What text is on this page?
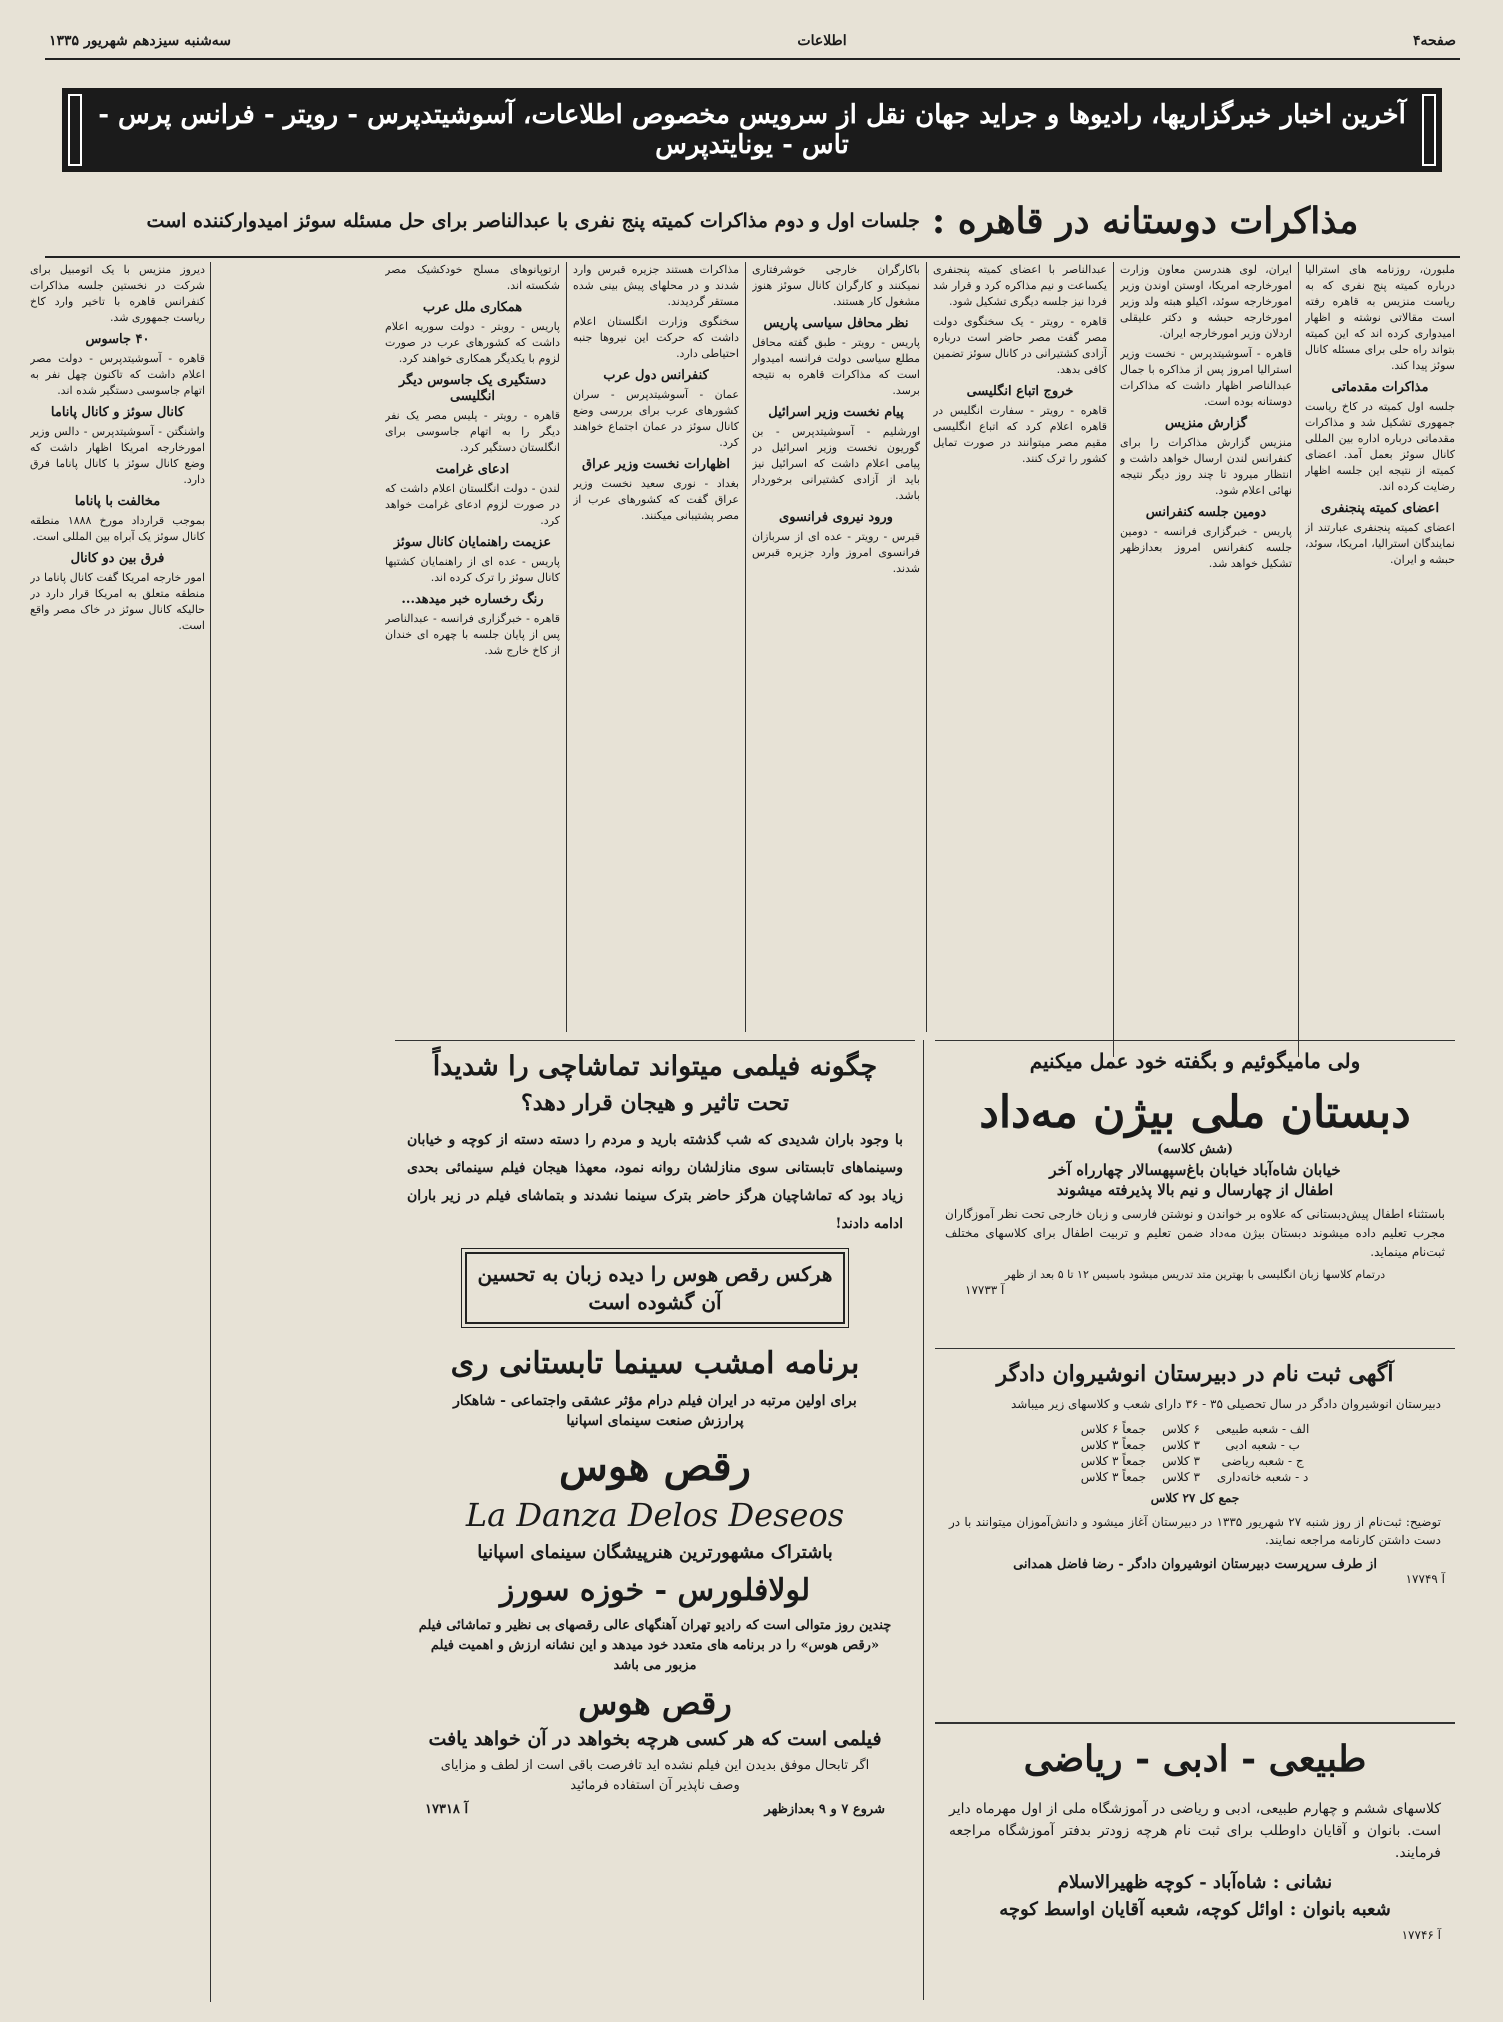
صفحه۴
اطلاعات
سه‌شنبه سیزدهم شهریور ۱۳۳۵
آخرین اخبار خبرگزاریها، رادیوها و جراید جهان نقل از سرویس مخصوص اطلاعات، آسوشیتدپرس - رویتر - فرانس پرس - تاس - یونایتدپرس
مذاکرات دوستانه در قاهره :
جلسات اول و دوم مذاکرات کمیته پنج نفری با عبدالناصر برای حل مسئله سوئز امیدوارکننده است

ملبورن، روزنامه های استرالیا درباره کمیته پنج نفری که به ریاست منزیس به قاهره رفته است مقالاتی نوشته و اظهار امیدواری کرده اند که این کمیته بتواند راه حلی برای مسئله کانال سوئز پیدا کند.

مذاکرات مقدماتی

جلسه اول کمیته در کاخ ریاست جمهوری تشکیل شد و مذاکرات مقدماتی درباره اداره بین المللی کانال سوئز بعمل آمد. اعضای کمیته از نتیجه این جلسه اظهار رضایت کرده اند.

اعضای کمیته پنجنفری

اعضای کمیته پنجنفری عبارتند از نمایندگان استرالیا، امریکا، سوئد، حبشه و ایران.

ایران، لوی هندرسن معاون وزارت امورخارجه امریکا، اوستن اوندن وزیر امورخارجه سوئد، اکیلو هبته ولد وزیر امورخارجه حبشه و دکتر علیقلی اردلان وزیر امورخارجه ایران.

قاهره - آسوشیتدپرس - نخست وزیر استرالیا امروز پس از مذاکره با جمال عبدالناصر اظهار داشت که مذاکرات دوستانه بوده است.

گزارش منزیس

منزیس گزارش مذاکرات را برای کنفرانس لندن ارسال خواهد داشت و انتظار میرود تا چند روز دیگر نتیجه نهائی اعلام شود.

دومین جلسه کنفرانس

پاریس - خبرگزاری فرانسه - دومین جلسه کنفرانس امروز بعدازظهر تشکیل خواهد شد.

عبدالناصر با اعضای کمیته پنجنفری یکساعت و نیم مذاکره کرد و قرار شد فردا نیز جلسه دیگری تشکیل شود.

قاهره - رویتر - یک سخنگوی دولت مصر گفت مصر حاضر است درباره آزادی کشتیرانی در کانال سوئز تضمین کافی بدهد.

خروج اتباع انگلیسی

قاهره - رویتر - سفارت انگلیس در قاهره اعلام کرد که اتباع انگلیسی مقیم مصر میتوانند در صورت تمایل کشور را ترک کنند.

باکارگران خارجی خوشرفتاری نمیکنند و کارگران کانال سوئز هنوز مشغول کار هستند.

نظر محافل سیاسی پاریس

پاریس - رویتر - طبق گفته محافل مطلع سیاسی دولت فرانسه امیدوار است که مذاکرات قاهره به نتیجه برسد.

پیام نخست وزیر اسرائیل

اورشلیم - آسوشیتدپرس - بن گوریون نخست وزیر اسرائیل در پیامی اعلام داشت که اسرائیل نیز باید از آزادی کشتیرانی برخوردار باشد.

ورود نیروی فرانسوی

قبرس - رویتر - عده ای از سربازان فرانسوی امروز وارد جزیره قبرس شدند.

مذاکرات هستند جزیره قبرس وارد شدند و در محلهای پیش بینی شده مستقر گردیدند.

سخنگوی وزارت انگلستان اعلام داشت که حرکت این نیروها جنبه احتیاطی دارد.

کنفرانس دول عرب

عمان - آسوشیتدپرس - سران کشورهای عرب برای بررسی وضع کانال سوئز در عمان اجتماع خواهند کرد.

اظهارات نخست وزیر عراق

بغداد - نوری سعید نخست وزیر عراق گفت که کشورهای عرب از مصر پشتیبانی میکنند.

ارتوپانوهای مسلح خودکشیک مصر شکسته اند.

همکاری ملل عرب

پاریس - روبتر - دولت سوریه اعلام داشت که کشورهای عرب در صورت لزوم با یکدیگر همکاری خواهند کرد.

دستگیری یک جاسوس دیگر انگلیسی

قاهره - رویتر - پلیس مصر یک نفر دیگر را به اتهام جاسوسی برای انگلستان دستگیر کرد.

ادعای غرامت

لندن - دولت انگلستان اعلام داشت که در صورت لزوم ادعای غرامت خواهد کرد.

عزیمت راهنمایان کانال سوئز

پاریس - عده ای از راهنمایان کشتیها کانال سوئز را ترک کرده اند.

رنگ رخساره خبر میدهد...

قاهره - خبرگزاری فرانسه - عبدالناصر پس از پایان جلسه با چهره ای خندان از کاخ خارج شد.

دیروز منزیس با یک اتومبیل برای شرکت در نخستین جلسه مذاکرات کنفرانس قاهره با تاخیر وارد کاخ ریاست جمهوری شد.

۴۰ جاسوس

قاهره - آسوشیتدپرس - دولت مصر اعلام داشت که تاکنون چهل نفر به اتهام جاسوسی دستگیر شده اند.

کانال سوئز و کانال پاناما

واشنگتن - آسوشیتدپرس - دالس وزیر امورخارجه امریکا اظهار داشت که وضع کانال سوئز با کانال پاناما فرق دارد.

مخالفت با پاناما

بموجب قرارداد مورخ ۱۸۸۸ منطقه کانال سوئز یک آبراه بین المللی است.

فرق بین دو کانال

امور خارجه امریکا گفت کانال پاناما در منطقه متعلق به امریکا قرار دارد در حالیکه کانال سوئز در خاک مصر واقع است.

چگونه فیلمی میتواند تماشاچی را شدیداً
تحت تاثیر و هیجان قرار دهد؟
با وجود باران شدیدی که شب گذشته بارید و مردم را دسته دسته از کوچه و خیابان وسینماهای تابستانی سوی منازلشان روانه نمود، معهذا هیجان فیلم سینمائی بحدی زیاد بود که تماشاچیان هرگز حاضر بترک سینما نشدند و بتماشای فیلم در زیر باران ادامه دادند!
هرکس رقص هوس را دیده زبان به تحسین
آن گشوده است
برنامه امشب سینما تابستانی ری
برای اولین مرتبه در ایران فیلم درام مؤثر عشقی واجتماعی - شاهکار
پرارزش صنعت سینمای اسپانیا
رقص هوس
La Danza Delos Deseos
باشتراک مشهورترین هنرپیشگان سینمای اسپانیا
لولافلورس - خوزه سورز
چندین روز متوالی است که رادیو تهران آهنگهای عالی رقصهای بی نظیر و تماشائی فیلم «رقص هوس» را در برنامه های متعدد خود میدهد و این نشانه ارزش و اهمیت فیلم مزبور می باشد
رقص هوس
فیلمی است که هر کسی هرچه بخواهد در آن خواهد یافت
اگر تابحال موفق بدیدن این فیلم نشده اید تافرصت باقی است از لطف و مزایای وصف ناپذیر آن استفاده فرمائید
شروع ۷ و ۹ بعدازظهر
آ ۱۷۳۱۸
ولی مامیگوئیم و بگفته خود عمل میکنیم
دبستان ملی بیژن مه‌داد
(شش کلاسه)
خیابان شاه‌آباد خیابان باغ‌سپهسالار چهارراه آخر
اطفال از چهارسال و نیم بالا پذیرفته میشوند
باستثناء اطفال پیش‌دبستانی که علاوه بر خواندن و نوشتن فارسی و زبان خارجی تحت نظر آموزگاران مجرب تعلیم داده میشوند دبستان بیژن مه‌داد ضمن تعلیم و تربیت اطفال برای کلاسهای مختلف ثبت‌نام مینماید.
درتمام کلاسها زبان انگلیسی با بهترین متد تدریس میشود باسیس ۱۲ تا ۵ بعد از ظهر
آ ۱۷۷۳۳
آگهی ثبت نام در دبیرستان انوشیروان دادگر
دبیرستان انوشیروان دادگر در سال تحصیلی ۳۵ - ۳۶ دارای شعب و کلاسهای زیر میباشد
الف - شعبه طبیعی	۶ کلاس	جمعاً ۶ کلاس
ب - شعبه ادبی	۳ کلاس	جمعاً ۳ کلاس
ج - شعبه ریاضی	۳ کلاس	جمعاً ۳ کلاس
د - شعبه خانه‌داری	۳ کلاس	جمعاً ۳ کلاس
جمع کل ۲۷ کلاس
توضیح: ثبت‌نام از روز شنبه ۲۷ شهریور ۱۳۳۵ در دبیرستان آغاز میشود و دانش‌آموزان میتوانند با در دست داشتن کارنامه مراجعه نمایند.
از طرف سرپرست دبیرستان انوشیروان دادگر - رضا فاضل همدانی
آ ۱۷۷۴۹
طبیعی - ادبی - ریاضی
کلاسهای ششم و چهارم طبیعی، ادبی و ریاضی در آموزشگاه ملی از اول مهرماه دایر است. بانوان و آقایان داوطلب برای ثبت نام هرچه زودتر بدفتر آموزشگاه مراجعه فرمایند.
نشانی : شاه‌آباد - کوچه ظهیرالاسلام
شعبه بانوان : اوائل کوچه، شعبه آقایان اواسط کوچه
آ ۱۷۷۴۶
